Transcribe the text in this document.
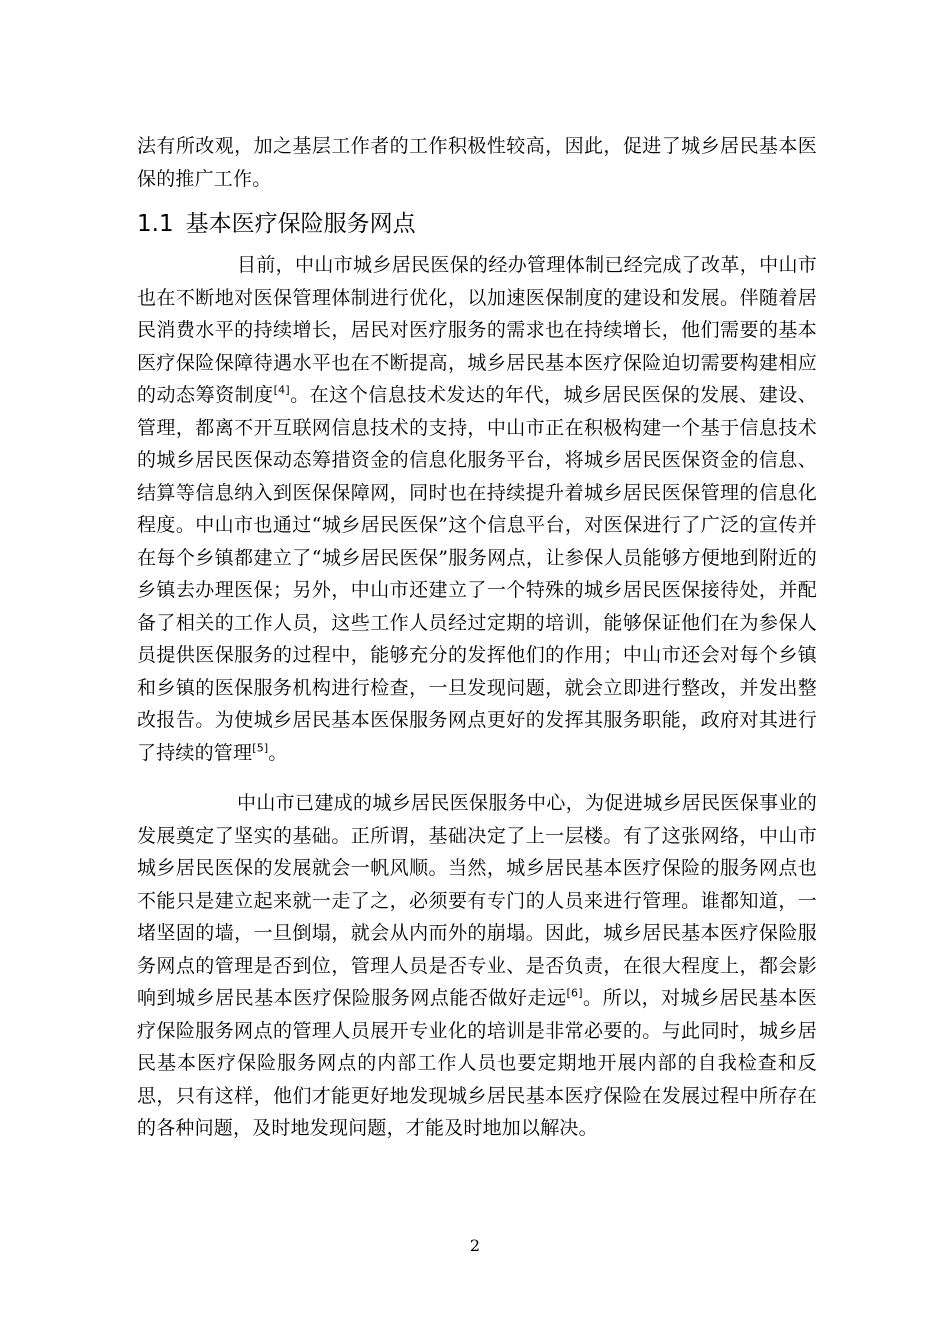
法有所改观，加之基层工作者的工作积极性较高，因此，促进了城乡居民基本医保的推广工作。

1.1 基本医疗保险服务网点

目前，中山市城乡居民医保的经办管理体制已经完成了改革，中山市也在不断地对医保管理体制进行优化，以加速医保制度的建设和发展。伴随着居民消费水平的持续增长，居民对医疗服务的需求也在持续增长，他们需要的基本医疗保险保障待遇水平也在不断提高，城乡居民基本医疗保险迫切需要构建相应的动态筹资制度[4]。在这个信息技术发达的年代，城乡居民医保的发展、建设、管理，都离不开互联网信息技术的支持，中山市正在积极构建一个基于信息技术的城乡居民医保动态筹措资金的信息化服务平台，将城乡居民医保资金的信息、结算等信息纳入到医保保障网，同时也在持续提升着城乡居民医保管理的信息化程度。中山市也通过“城乡居民医保”这个信息平台，对医保进行了广泛的宣传并在每个乡镇都建立了“城乡居民医保”服务网点，让参保人员能够方便地到附近的乡镇去办理医保；另外，中山市还建立了一个特殊的城乡居民医保接待处，并配备了相关的工作人员，这些工作人员经过定期的培训，能够保证他们在为参保人员提供医保服务的过程中，能够充分的发挥他们的作用；中山市还会对每个乡镇和乡镇的医保服务机构进行检查，一旦发现问题，就会立即进行整改，并发出整改报告。为使城乡居民基本医保服务网点更好的发挥其服务职能，政府对其进行了持续的管理[5]。

中山市已建成的城乡居民医保服务中心，为促进城乡居民医保事业的发展奠定了坚实的基础。正所谓，基础决定了上一层楼。有了这张网络，中山市城乡居民医保的发展就会一帆风顺。当然，城乡居民基本医疗保险的服务网点也不能只是建立起来就一走了之，必须要有专门的人员来进行管理。谁都知道，一堵坚固的墙，一旦倒塌，就会从内而外的崩塌。因此，城乡居民基本医疗保险服务网点的管理是否到位，管理人员是否专业、是否负责，在很大程度上，都会影响到城乡居民基本医疗保险服务网点能否做好走远[6]。所以，对城乡居民基本医疗保险服务网点的管理人员展开专业化的培训是非常必要的。与此同时，城乡居民基本医疗保险服务网点的内部工作人员也要定期地开展内部的自我检查和反思，只有这样，他们才能更好地发现城乡居民基本医疗保险在发展过程中所存在的各种问题，及时地发现问题，才能及时地加以解决。

2
